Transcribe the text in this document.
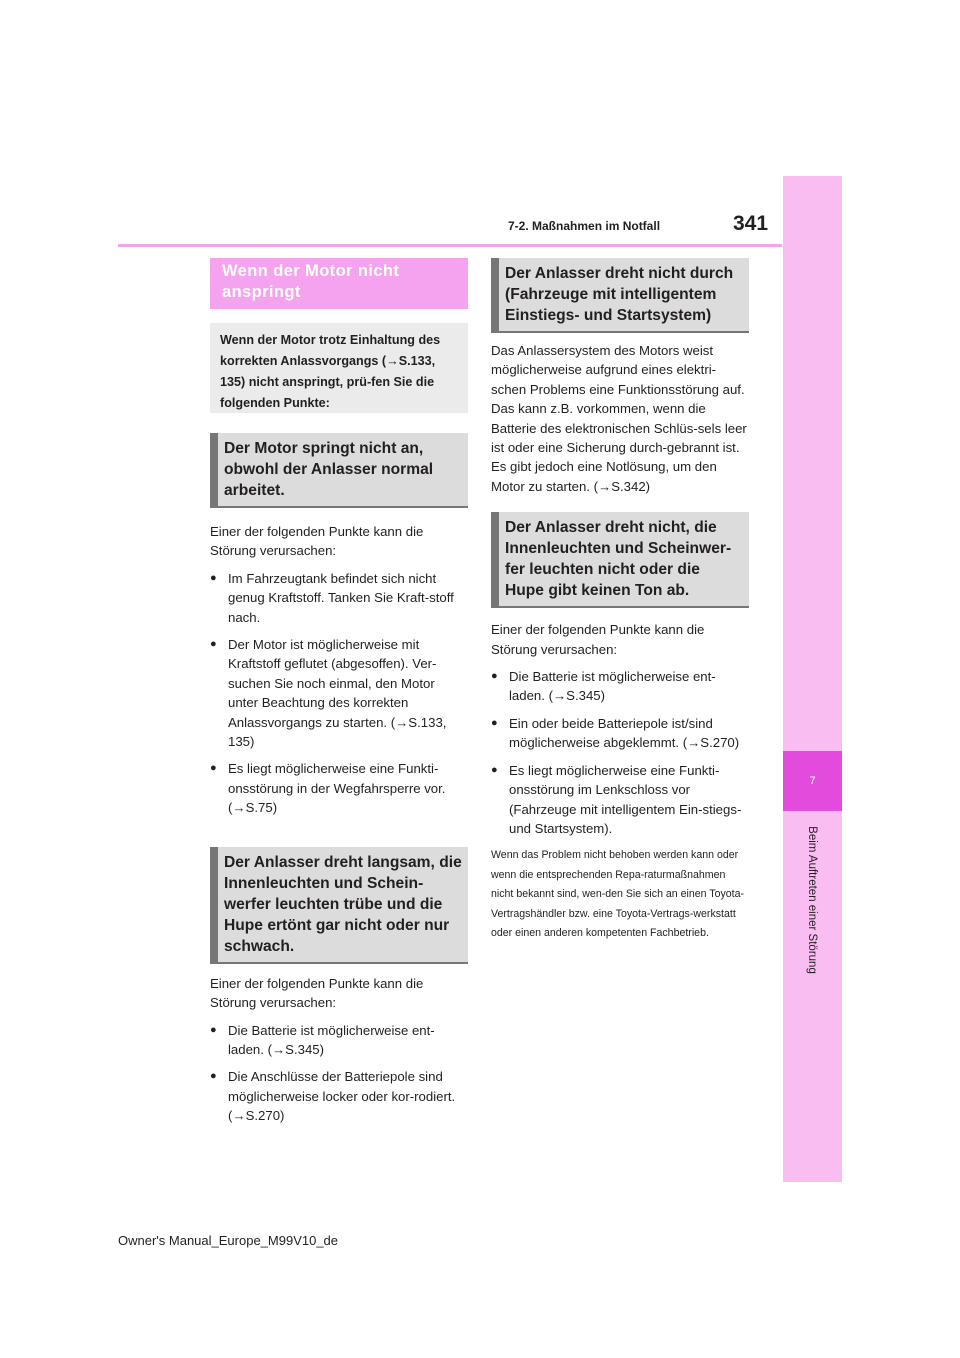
7
Beim Auftreten einer Störung
7-2. Maßnahmen im Notfall	341
Wenn der Motor nicht anspringt
Wenn der Motor trotz Einhaltung des korrekten Anlassvorgangs (→S.133, 135) nicht anspringt, prü-fen Sie die folgenden Punkte:
Der Motor springt nicht an, obwohl der Anlasser normal arbeitet.

Einer der folgenden Punkte kann die Störung verursachen:

● Im Fahrzeugtank befindet sich nicht genug Kraftstoff. Tanken Sie Kraft-stoff nach.
● Der Motor ist möglicherweise mit Kraftstoff geflutet (abgesoffen). Ver-suchen Sie noch einmal, den Motor unter Beachtung des korrekten Anlassvorgangs zu starten. (→S.133, 135)
● Es liegt möglicherweise eine Funkti-onsstörung in der Wegfahrsperre vor. (→S.75)
Der Anlasser dreht langsam, die Innenleuchten und Schein-werfer leuchten trübe und die Hupe ertönt gar nicht oder nur schwach.

Einer der folgenden Punkte kann die Störung verursachen:

● Die Batterie ist möglicherweise ent-laden. (→S.345)
● Die Anschlüsse der Batteriepole sind möglicherweise locker oder kor-rodiert. (→S.270)
Der Anlasser dreht nicht durch (Fahrzeuge mit intelligentem Einstiegs- und Startsystem)

Das Anlassersystem des Motors weist möglicherweise aufgrund eines elektri-schen Problems eine Funktionsstörung auf. Das kann z.B. vorkommen, wenn die Batterie des elektronischen Schlüs-sels leer ist oder eine Sicherung durch-gebrannt ist. Es gibt jedoch eine Notlösung, um den Motor zu starten. (→S.342)

Der Anlasser dreht nicht, die Innenleuchten und Scheinwer-fer leuchten nicht oder die Hupe gibt keinen Ton ab.

Einer der folgenden Punkte kann die Störung verursachen:

● Die Batterie ist möglicherweise ent-laden. (→S.345)
● Ein oder beide Batteriepole ist/sind möglicherweise abgeklemmt. (→S.270)
● Es liegt möglicherweise eine Funkti-onsstörung im Lenkschloss vor (Fahrzeuge mit intelligentem Ein-stiegs- und Startsystem).

Wenn das Problem nicht behoben werden kann oder wenn die entsprechenden Repa-raturmaßnahmen nicht bekannt sind, wen-den Sie sich an einen Toyota-Vertragshändler bzw. eine Toyota-Vertrags-werkstatt oder einen anderen kompetenten Fachbetrieb.

Owner's Manual_Europe_M99V10_de
